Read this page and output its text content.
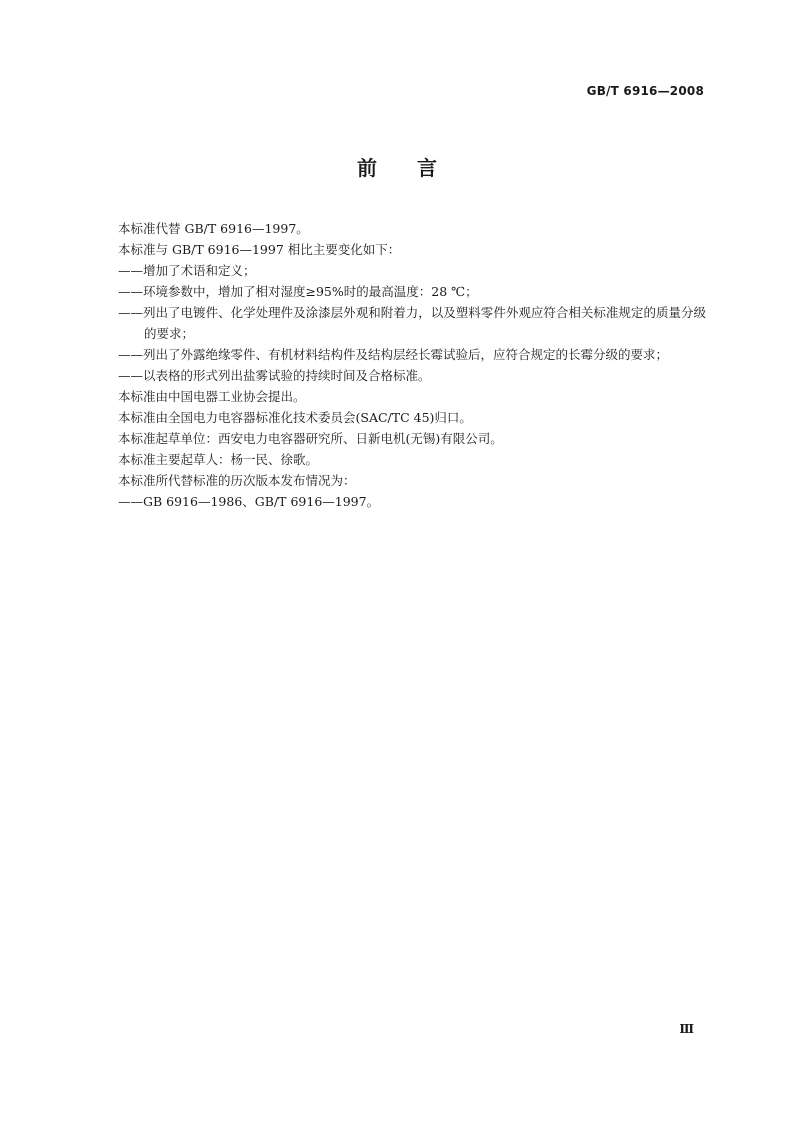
GB/T 6916—2008
前　　言

本标准代替 GB/T 6916—1997。

本标准与 GB/T 6916—1997 相比主要变化如下：

——增加了术语和定义；

——环境参数中，增加了相对湿度≥95%时的最高温度：28 ℃；

——列出了电镀件、化学处理件及涂漆层外观和附着力，以及塑料零件外观应符合相关标准规定的质量分级的要求；

——列出了外露绝缘零件、有机材料结构件及结构层经长霉试验后，应符合规定的长霉分级的要求；

——以表格的形式列出盐雾试验的持续时间及合格标准。

本标准由中国电器工业协会提出。

本标准由全国电力电容器标准化技术委员会(SAC/TC 45)归口。

本标准起草单位：西安电力电容器研究所、日新电机(无锡)有限公司。

本标准主要起草人：杨一民、徐歌。

本标准所代替标准的历次版本发布情况为：

——GB 6916—1986、GB/T 6916—1997。

Ⅲ
